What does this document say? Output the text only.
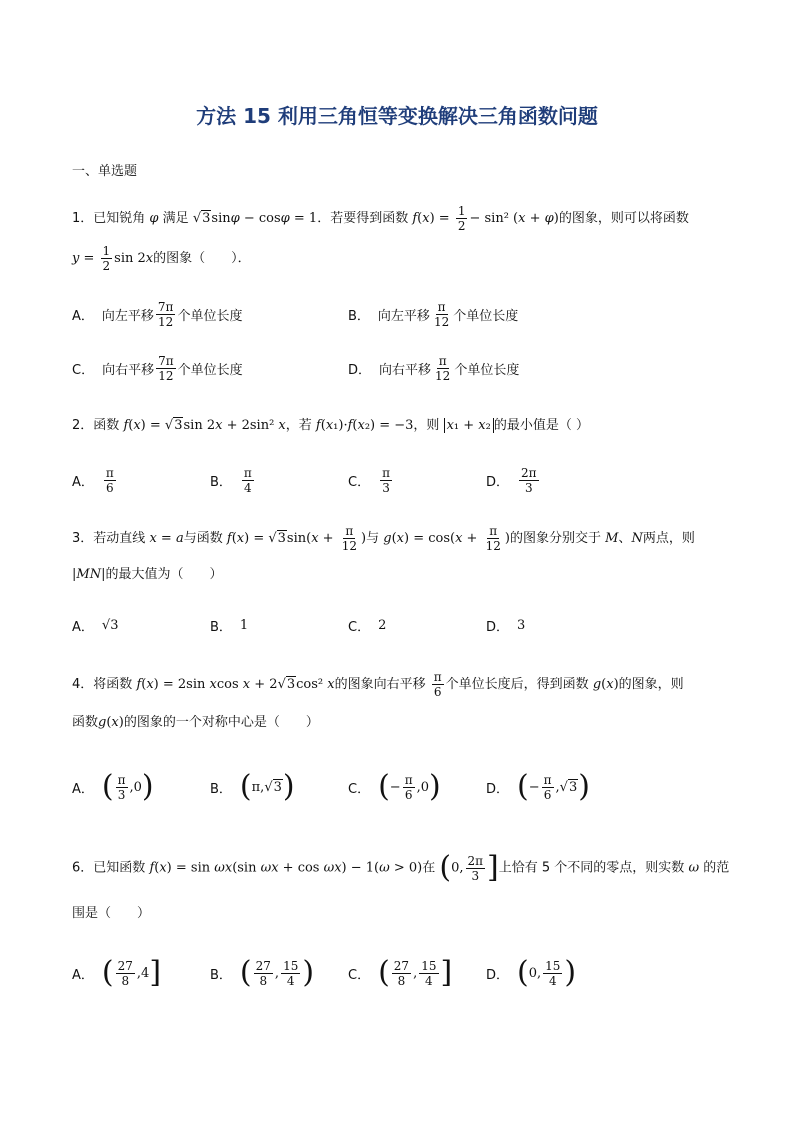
方法 15 利用三角恒等变换解决三角函数问题
一、单选题
1．已知锐角 φ 满足 √3sinφ − cosφ = 1．若要得到函数 $f(x) = \frac{1}{2} - \sin^2$ (x + φ)的图象，则可以将函数
$y = \frac{1}{2}$ sin 2x的图象（　　）．
A． 向左平移 $\frac{7\pi}{12}$ 个单位长度	B． 向左平移 $\frac{\pi}{12}$ 个单位长度
C． 向右平移 $\frac{7\pi}{12}$ 个单位长度	D． 向右平移 $\frac{\pi}{12}$ 个单位长度
2．函数 f(x) = √3sin 2x + 2sin² x，若 f(x₁)·f(x₂) = −3，则 x₁ + x₂ 的最小值是（ ）
A． $\frac{\pi}{6}$	B． $\frac{\pi}{4}$	C． $\frac{\pi}{3}$	D． $\frac{2\pi}{3}$
3．若动直线 x = a与函数 $f(x) = √3\sin(x + \frac{\pi}{12}$ )与 $g(x) = \cos(x + \frac{\pi}{12}$ )的图象分别交于 M、N两点，则
|MN|的最大值为（　　）
A． √3	B． 1	C． 2	D． 3
4．将函数 f(x) = 2sin xcos x + 2√3cos² x的图象向右平移 $\frac{\pi}{6}$ 个单位长度后，得到函数 g(x)的图象，则
函数g(x)的图象的一个对称中心是（　　）
A． ( $\frac{\pi}{3} ,0$ )	B． ( π, √3 )	C． ( − $\frac{\pi}{6} ,0$ )	D． ( − $\frac{\pi}{6}$ , √3 )
6．已知函数 f(x) = sin ωx(sin ωx + cos ωx) − 1(ω > 0)在 (0, $\frac{2\pi}{3}$ ]上恰有 5 个不同的零点，则实数 ω 的范
围是（　　）
A． ( $\frac{27}{8} ,4$ ]	B． ( $\frac{27}{8}$ , $\frac{15}{4}$ )	C． ( $\frac{27}{8}$ , $\frac{15}{4}$ ]	D． ( 0, $\frac{15}{4}$ )
